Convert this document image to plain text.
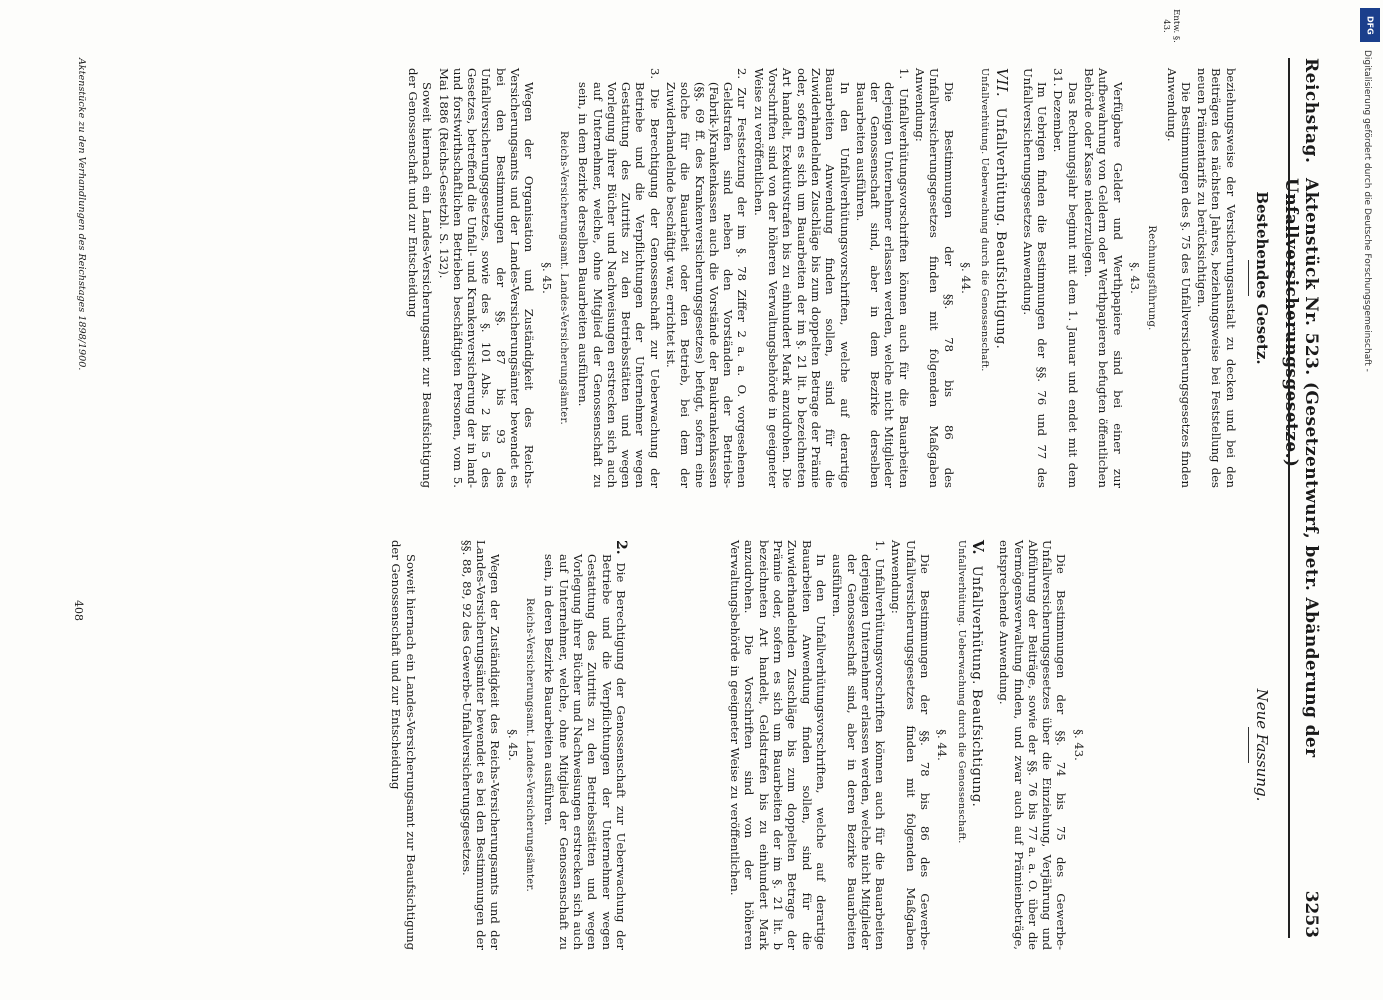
Reichstag.
Aktenstück Nr. 523. (Gesetzentwurf, betr. Abänderung der Unfallversicherungsgesetze.)
3253
Bestehendes Gesetz.
beziehungsweise der Versicherungsanstalt zu decken und bei den Beiträgen des nächsten Jahres, beziehungsweise bei Feststellung des neuen Prämientarifs zu berücksichtigen.
Die Bestimmungen des §. 75 des Unfallversicherungsgesetzes finden Anwendung.
Rechnungsführung.
§. 43.
Verfügbare Gelder und Werthpapiere sind bei einer zur Aufbewahrung von Geldern oder Werthpapieren befugten öffentlichen Behörde oder Kasse niederzulegen.
Das Rechnungsjahr beginnt mit dem 1. Januar und endet mit dem 31. Dezember.
Im Uebrigen finden die Bestimmungen der §§. 76 und 77 des Unfallversicherungsgesetzes Anwendung.
VII. Unfallverhütung. Beaufsichtigung.
Unfallverhütung. Ueberwachung durch die Genossenschaft.
§. 44.
Die Bestimmungen der §§. 78 bis 86 des Unfallversicherungsgesetzes finden mit folgenden Maßgaben Anwendung:
1. Unfallverhütungsvorschriften können auch für die Bauarbeiten derjenigen Unternehmer erlassen werden, welche nicht Mitglieder der Genossenschaft sind, aber in dem Bezirke derselben Bauarbeiten ausführen.
In den Unfallverhütungsvorschriften, welche auf derartige Bauarbeiten Anwendung finden sollen, sind für die Zuwiderhandelnden Zuschläge bis zum doppelten Betrage der Prämie oder, sofern es sich um Bauarbeiten der im §. 21 lit. b bezeichneten Art handelt, Exekutivstrafen bis zu einhundert Mark anzudrohen. Die Vorschriften sind von der höheren Verwaltungsbehörde in geeigneter Weise zu veröffentlichen.
2. Zur Festsetzung der im §. 78 Ziffer 2 a. a. O. vorgesehenen Geldstrafen sind neben den Vorständen der Betriebs-(Fabrik-)Krankenkassen auch die Vorstände der Baukrankenkassen (§§. 69 ff. des Krankenversicherungsgesetzes) befugt, sofern eine solche für die Bauarbeit oder den Betrieb, bei dem der Zuwiderhandelnde beschäftigt war, errichtet ist.
3. Die Berechtigung der Genossenschaft zur Ueberwachung der Betriebe und die Verpflichtungen der Unternehmer wegen Gestattung des Zutritts zu den Betriebsstätten und wegen Vorlegung ihrer Bücher und Nachweisungen erstrecken sich auch auf Unternehmer, welche, ohne Mitglied der Genossenschaft zu sein, in dem Bezirke derselben Bauarbeiten ausführen.
Reichs-Versicherungsamt. Landes-Versicherungsämter.
§. 45.
Wegen der Organisation und Zuständigkeit des Reichs-Versicherungsamts und der Landes-Versicherungsämter bewendet es bei den Bestimmungen der §§. 87 bis 93 des Unfallversicherungsgesetzes, sowie des §. 101 Abs. 2 bis 5 des Gesetzes, betreffend die Unfall- und Krankenversicherung der in land- und forstwirthschaftlichen Betrieben beschäftigten Personen, vom 5. Mai 1886 (Reichs-Gesetzbl. S. 132).
Soweit hiernach ein Landes-Versicherungsamt zur Beaufsichtigung der Genossenschaft und zur Entscheidung
Entw. §. 43.
Neue Fassung.
§. 43.
Die Bestimmungen der §§. 74 bis 75 des Gewerbe-Unfallversicherungsgesetzes über die Einziehung, Verjährung und Abführung der Beiträge, sowie der §§. 76 bis 77 a. a. O. über die Vermögensverwaltung finden, und zwar auch auf Prämienbeträge, entsprechende Anwendung.
V. Unfallverhütung. Beaufsichtigung.
Unfallverhütung. Ueberwachung durch die Genossenschaft.
§. 44.
Die Bestimmungen der §§. 78 bis 86 des Gewerbe-Unfallversicherungsgesetzes finden mit folgenden Maßgaben Anwendung:
1. Unfallverhütungsvorschriften können auch für die Bauarbeiten derjenigen Unternehmer erlassen werden, welche nicht Mitglieder der Genossenschaft sind, aber in deren Bezirke Bauarbeiten ausführen.
In den Unfallverhütungsvorschriften, welche auf derartige Bauarbeiten Anwendung finden sollen, sind für die Zuwiderhandelnden Zuschläge bis zum doppelten Betrage der Prämie oder, sofern es sich um Bauarbeiten der im §. 21 lit. b bezeichneten Art handelt, Geldstrafen bis zu einhundert Mark anzudrohen. Die Vorschriften sind von der höheren Verwaltungsbehörde in geeigneter Weise zu veröffentlichen.
2. Die Berechtigung der Genossenschaft zur Ueberwachung der Betriebe und die Verpflichtungen der Unternehmer wegen Gestattung des Zutritts zu den Betriebsstätten und wegen Vorlegung ihrer Bücher und Nachweisungen erstrecken sich auch auf Unternehmer, welche, ohne Mitglied der Genossenschaft zu sein, in deren Bezirke Bauarbeiten ausführen.
Reichs-Versicherungsamt. Landes-Versicherungsämter.
§. 45.
Wegen der Zuständigkeit des Reichs-Versicherungsamts und der Landes-Versicherungsämter bewendet es bei den Bestimmungen der §§. 88, 89, 92 des Gewerbe-Unfallversicherungsgesetzes.
Soweit hiernach ein Landes-Versicherungsamt zur Beaufsichtigung der Genossenschaft und zur Entscheidung
Aktenstücke zu den Verhandlungen des Reichstages 1898/1900.
408
DFG
Digitalisierung gefördert durch die Deutsche Forschungsgemeinschaft -
